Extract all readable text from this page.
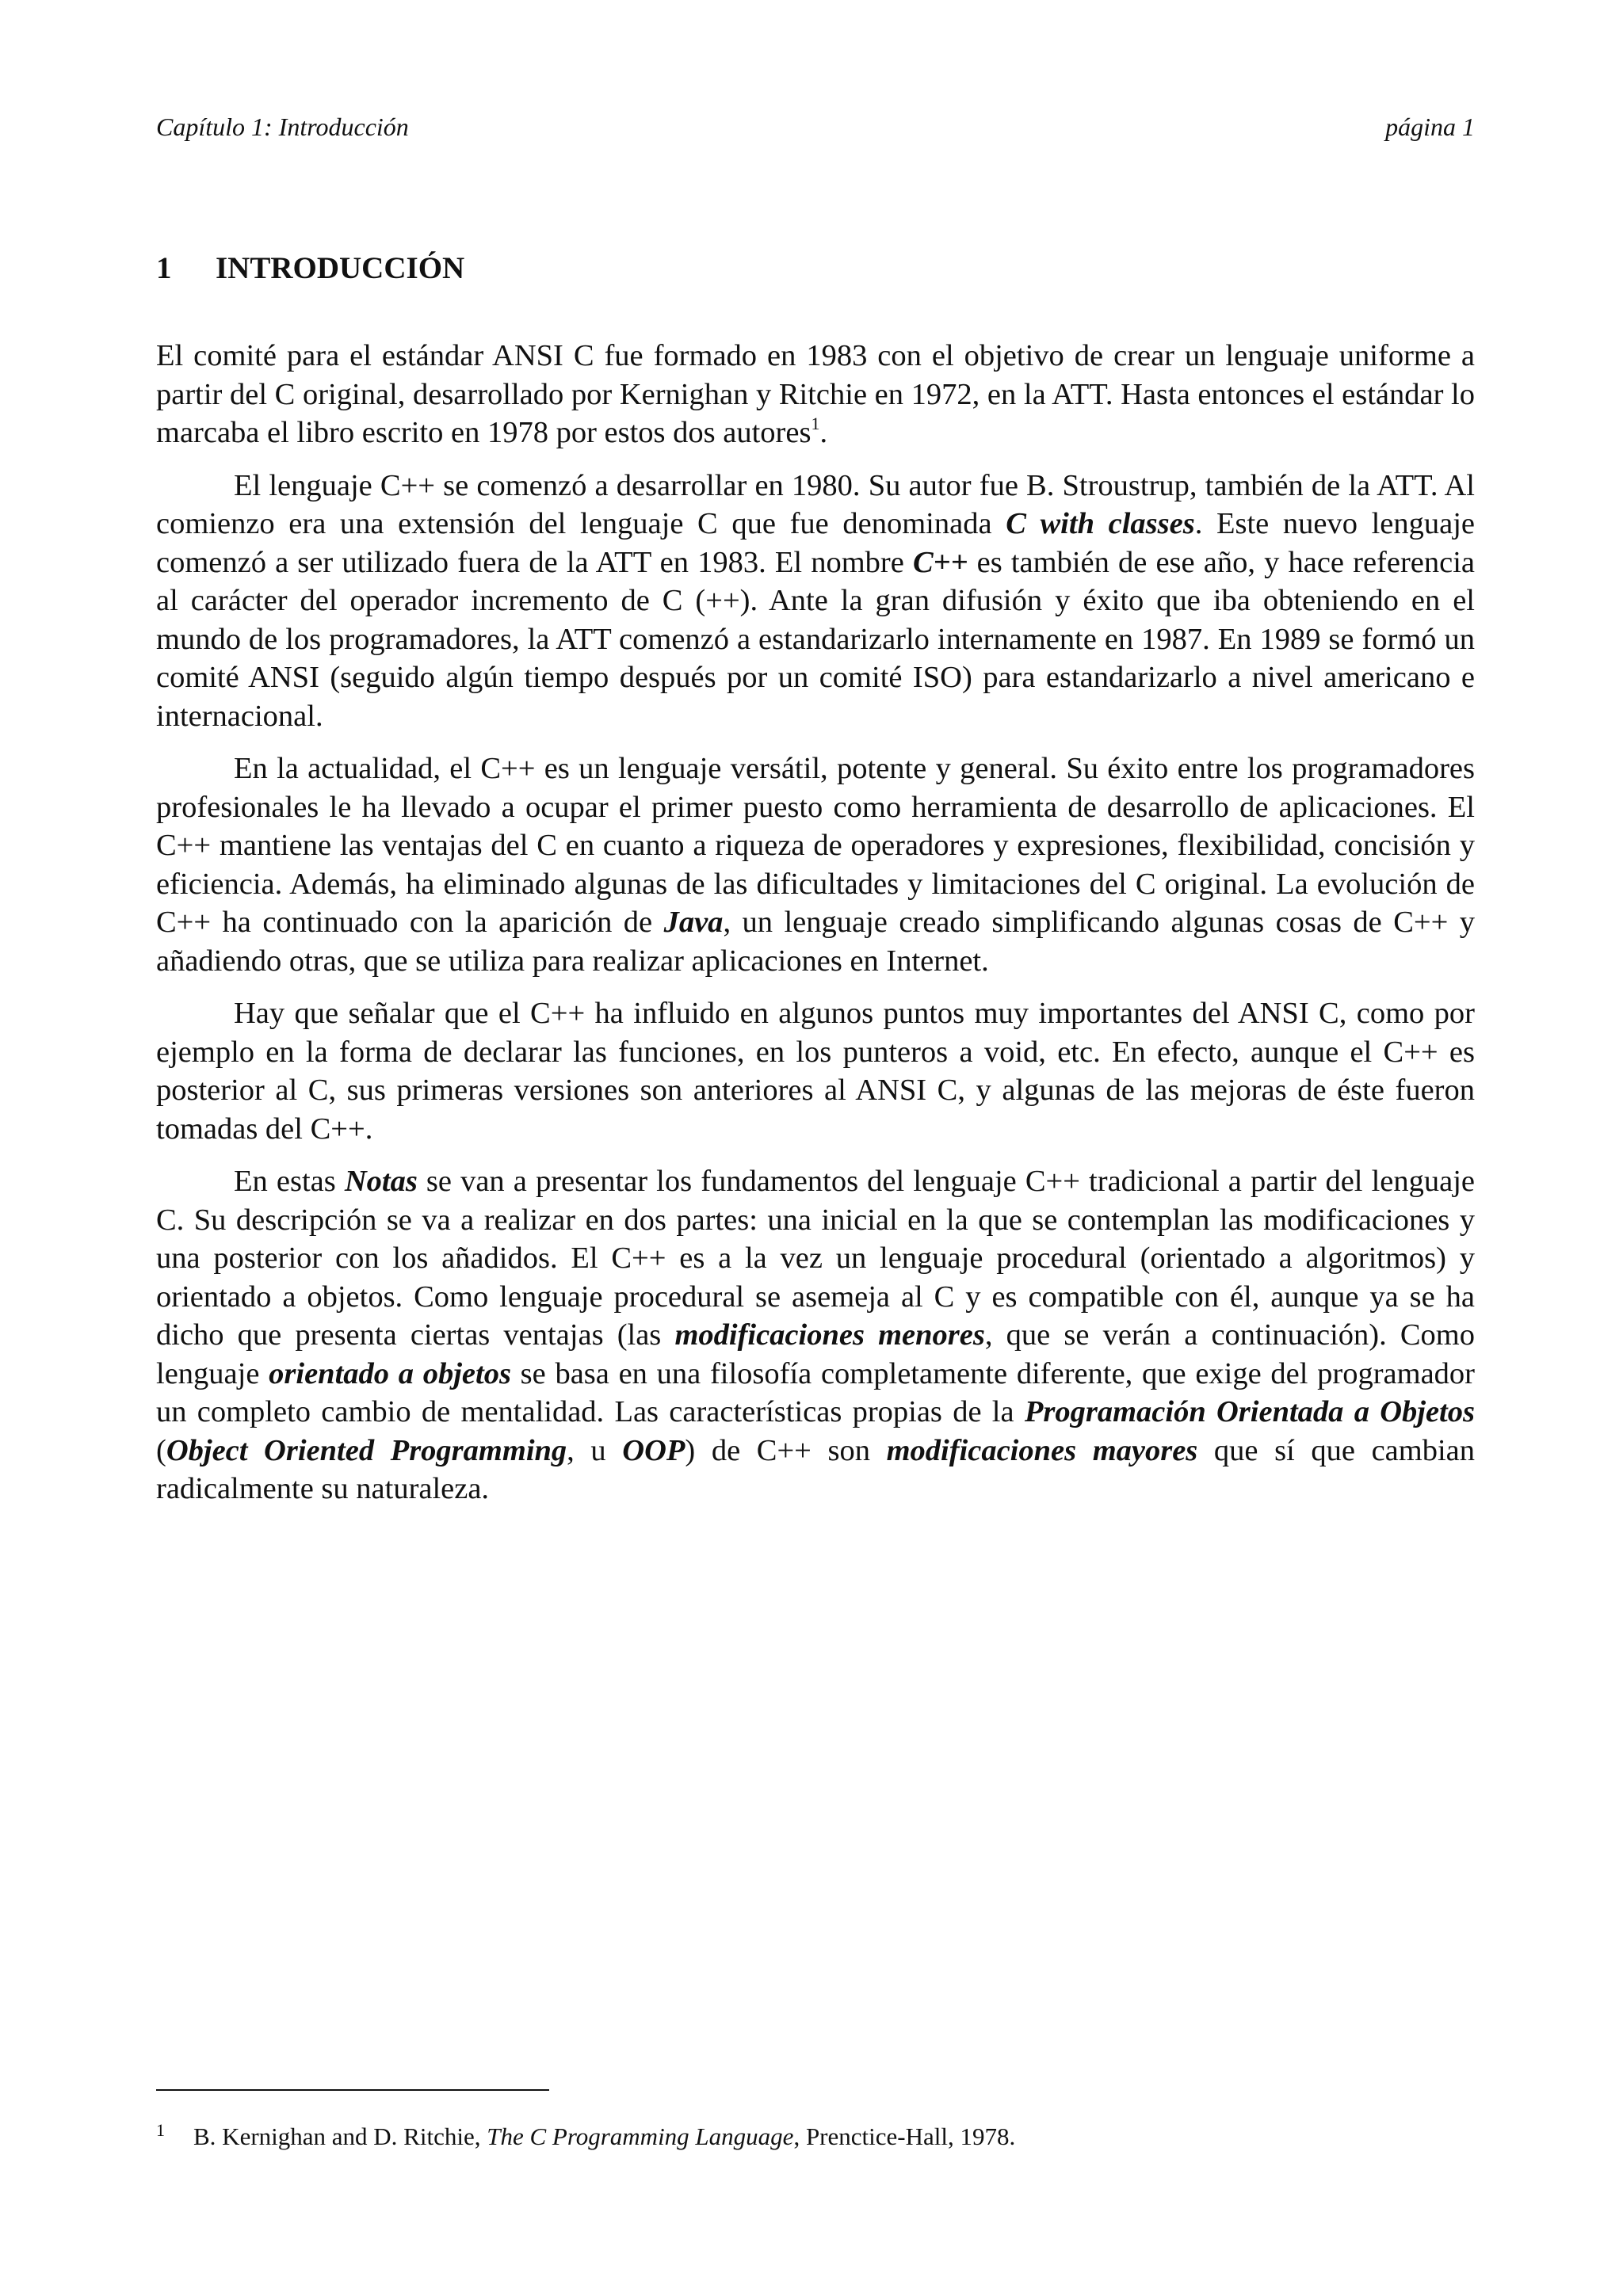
Capítulo 1: Introducción	página 1
1	INTRODUCCIÓN

El comité para el estándar ANSI C fue formado en 1983 con el objetivo de crear un lenguaje uniforme a partir del C original, desarrollado por Kernighan y Ritchie en 1972, en la ATT. Hasta entonces el estándar lo marcaba el libro escrito en 1978 por estos dos autores$^1$.

El lenguaje C++ se comenzó a desarrollar en 1980. Su autor fue B. Stroustrup, también de la ATT. Al comienzo era una extensión del lenguaje C que fue denominada C with classes. Este nuevo lenguaje comenzó a ser utilizado fuera de la ATT en 1983. El nombre C++ es también de ese año, y hace referencia al carácter del operador incremento de C (++). Ante la gran difusión y éxito que iba obteniendo en el mundo de los programadores, la ATT comenzó a estandarizarlo internamente en 1987. En 1989 se formó un comité ANSI (seguido algún tiempo después por un comité ISO) para estandarizarlo a nivel americano e internacional.

En la actualidad, el C++ es un lenguaje versátil, potente y general. Su éxito entre los programadores profesionales le ha llevado a ocupar el primer puesto como herramienta de desarrollo de aplicaciones. El C++ mantiene las ventajas del C en cuanto a riqueza de operadores y expresiones, flexibilidad, concisión y eficiencia. Además, ha eliminado algunas de las dificultades y limitaciones del C original. La evolución de C++ ha continuado con la aparición de Java, un lenguaje creado simplificando algunas cosas de C++ y añadiendo otras, que se utiliza para realizar aplicaciones en Internet.

Hay que señalar que el C++ ha influido en algunos puntos muy importantes del ANSI C, como por ejemplo en la forma de declarar las funciones, en los punteros a void, etc. En efecto, aunque el C++ es posterior al C, sus primeras versiones son anteriores al ANSI C, y algunas de las mejoras de éste fueron tomadas del C++.

En estas Notas se van a presentar los fundamentos del lenguaje C++ tradicional a partir del lenguaje C. Su descripción se va a realizar en dos partes: una inicial en la que se contemplan las modificaciones y una posterior con los añadidos. El C++ es a la vez un lenguaje procedural (orientado a algoritmos) y orientado a objetos. Como lenguaje procedural se asemeja al C y es compatible con él, aunque ya se ha dicho que presenta ciertas ventajas (las modificaciones menores, que se verán a continuación). Como lenguaje orientado a objetos se basa en una filosofía completamente diferente, que exige del programador un completo cambio de mentalidad. Las características propias de la Programación Orientada a Objetos (Object Oriented Programming, u OOP) de C++ son modificaciones mayores que sí que cambian radicalmente su naturaleza.

1	B. Kernighan and D. Ritchie, The C Programming Language, Prenctice-Hall, 1978.
